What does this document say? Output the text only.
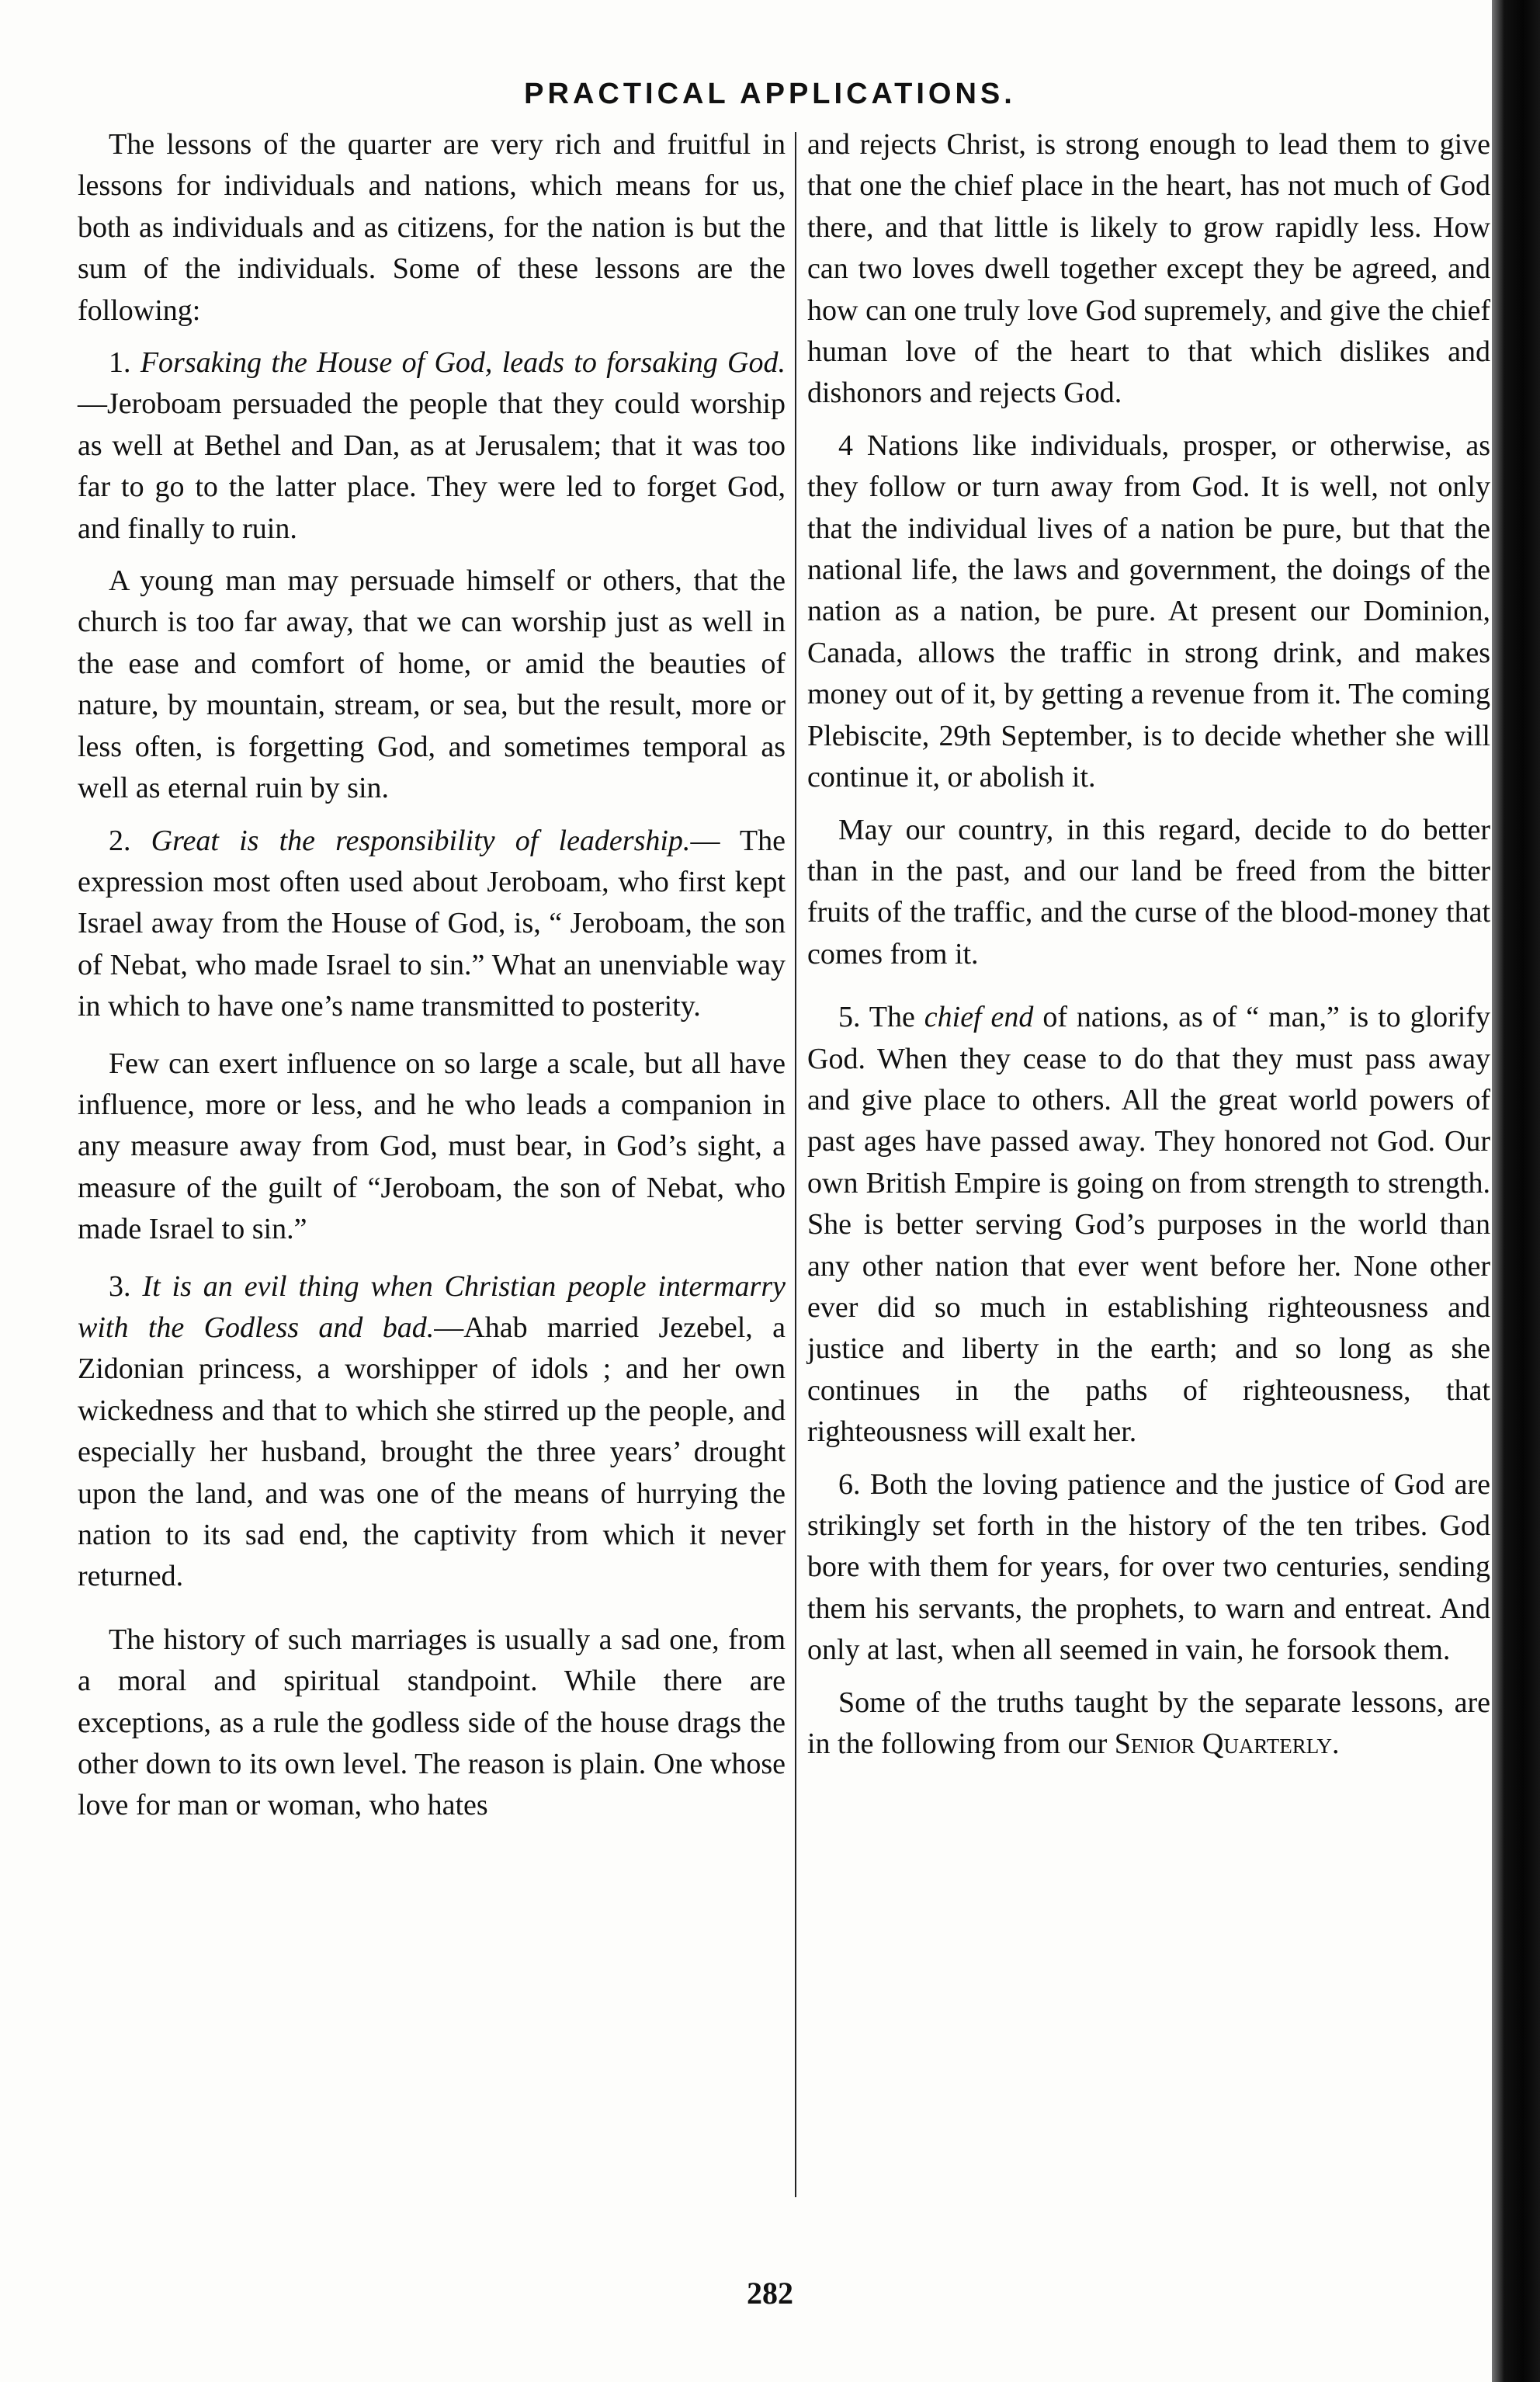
PRACTICAL APPLICATIONS.

The lessons of the quarter are very rich and fruitful in lessons for individuals and nations, which means for us, both as individuals and as citizens, for the nation is but the sum of the individuals. Some of these lessons are the following:

1. Forsaking the House of God, leads to forsaking God.—Jeroboam persuaded the people that they could worship as well at Bethel and Dan, as at Jerusalem; that it was too far to go to the latter place. They were led to forget God, and finally to ruin.

A young man may persuade himself or others, that the church is too far away, that we can worship just as well in the ease and comfort of home, or amid the beauties of nature, by mountain, stream, or sea, but the result, more or less often, is forgetting God, and sometimes temporal as well as eternal ruin by sin.

2. Great is the responsibility of leadership.— The expression most often used about Jeroboam, who first kept Israel away from the House of God, is, “ Jeroboam, the son of Nebat, who made Israel to sin.” What an unenviable way in which to have one’s name transmitted to posterity.

Few can exert influence on so large a scale, but all have influence, more or less, and he who leads a companion in any measure away from God, must bear, in God’s sight, a measure of the guilt of “Jeroboam, the son of Nebat, who made Israel to sin.”

3. It is an evil thing when Christian people intermarry with the Godless and bad.—Ahab married Jezebel, a Zidonian princess, a worshipper of idols ; and her own wickedness and that to which she stirred up the people, and especially her husband, brought the three years’ drought upon the land, and was one of the means of hurrying the nation to its sad end, the captivity from which it never returned.

The history of such marriages is usually a sad one, from a moral and spiritual standpoint. While there are exceptions, as a rule the godless side of the house drags the other down to its own level. The reason is plain. One whose love for man or woman, who hates

and rejects Christ, is strong enough to lead them to give that one the chief place in the heart, has not much of God there, and that little is likely to grow rapidly less. How can two loves dwell together except they be agreed, and how can one truly love God supremely, and give the chief human love of the heart to that which dislikes and dishonors and rejects God.

4 Nations like individuals, prosper, or otherwise, as they follow or turn away from God. It is well, not only that the individual lives of a nation be pure, but that the national life, the laws and government, the doings of the nation as a nation, be pure. At present our Dominion, Canada, allows the traffic in strong drink, and makes money out of it, by getting a revenue from it. The coming Plebiscite, 29th September, is to decide whether she will continue it, or abolish it.

May our country, in this regard, decide to do better than in the past, and our land be freed from the bitter fruits of the traffic, and the curse of the blood-money that comes from it.

5. The chief end of nations, as of “ man,” is to glorify God. When they cease to do that they must pass away and give place to others. All the great world powers of past ages have passed away. They honored not God. Our own British Empire is going on from strength to strength. She is better serving God’s purposes in the world than any other nation that ever went before her. None other ever did so much in establishing righteousness and justice and liberty in the earth; and so long as she continues in the paths of righteousness, that righteousness will exalt her.

6. Both the loving patience and the justice of God are strikingly set forth in the history of the ten tribes. God bore with them for years, for over two centuries, sending them his servants, the prophets, to warn and entreat. And only at last, when all seemed in vain, he forsook them.

Some of the truths taught by the separate lessons, are in the following from our Senior Quarterly.

282
